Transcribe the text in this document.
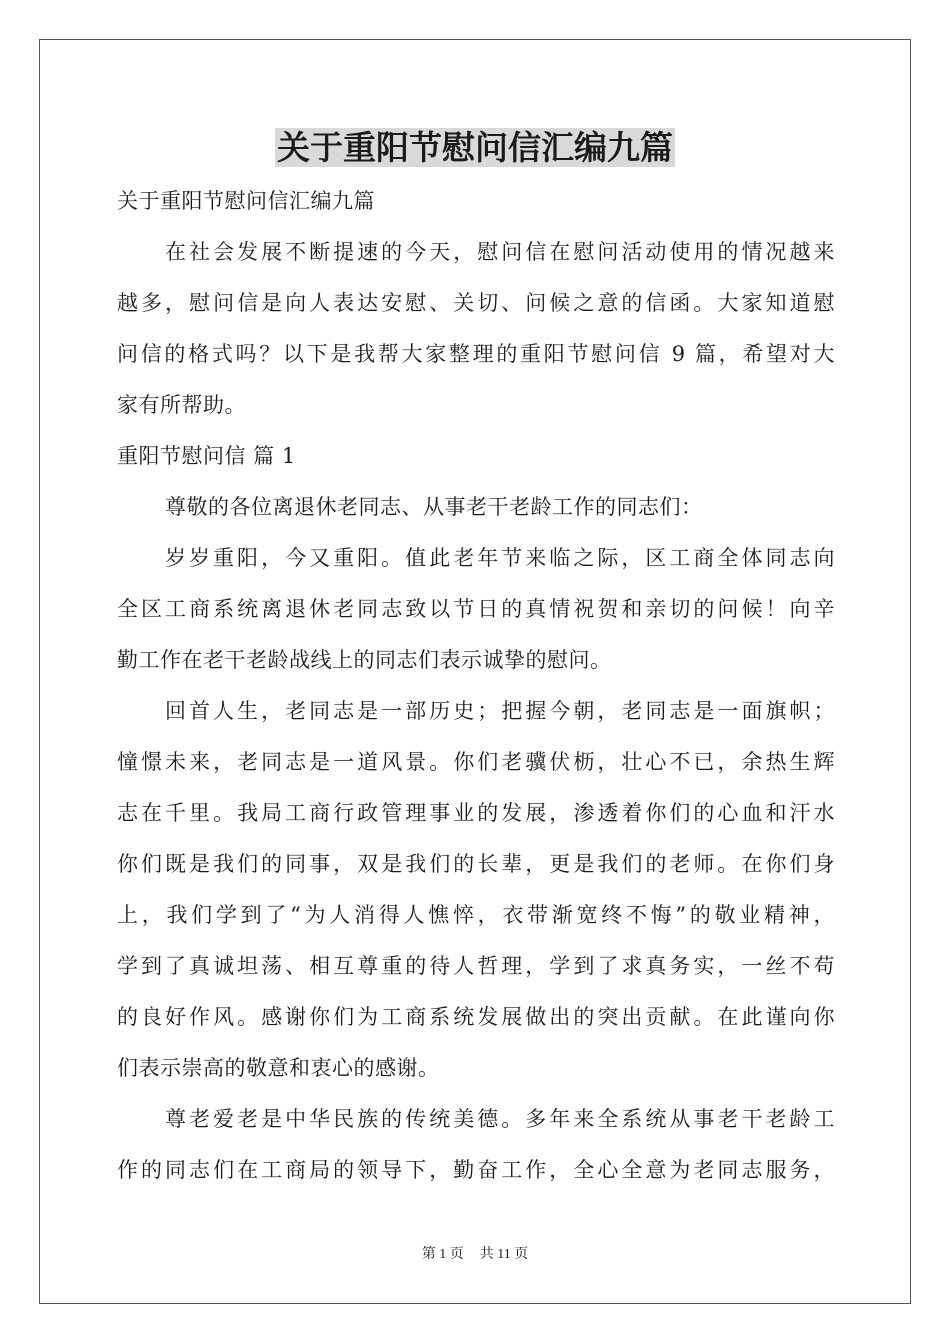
关于重阳节慰问信汇编九篇
关于重阳节慰问信汇编九篇
在社会发展不断提速的今天，慰问信在慰问活动使用的情况越来
越多，慰问信是向人表达安慰、关切、问候之意的信函。大家知道慰
问信的格式吗？以下是我帮大家整理的重阳节慰问信 9 篇，希望对大
家有所帮助。
重阳节慰问信 篇 1
尊敬的各位离退休老同志、从事老干老龄工作的同志们：
岁岁重阳，今又重阳。值此老年节来临之际，区工商全体同志向
全区工商系统离退休老同志致以节日的真情祝贺和亲切的问候！向辛
勤工作在老干老龄战线上的同志们表示诚挚的慰问。
回首人生，老同志是一部历史；把握今朝，老同志是一面旗帜；
憧憬未来，老同志是一道风景。你们老骥伏枥，壮心不已，余热生辉
志在千里。我局工商行政管理事业的发展，渗透着你们的心血和汗水
你们既是我们的同事，双是我们的长辈，更是我们的老师。在你们身
上，我们学到了“为人消得人憔悴，衣带渐宽终不悔”的敬业精神，
学到了真诚坦荡、相互尊重的待人哲理，学到了求真务实，一丝不苟
的良好作风。感谢你们为工商系统发展做出的突出贡献。在此谨向你
们表示崇高的敬意和衷心的感谢。
尊老爱老是中华民族的传统美德。多年来全系统从事老干老龄工
作的同志们在工商局的领导下，勤奋工作，全心全意为老同志服务，
第 1 页 共 11 页
